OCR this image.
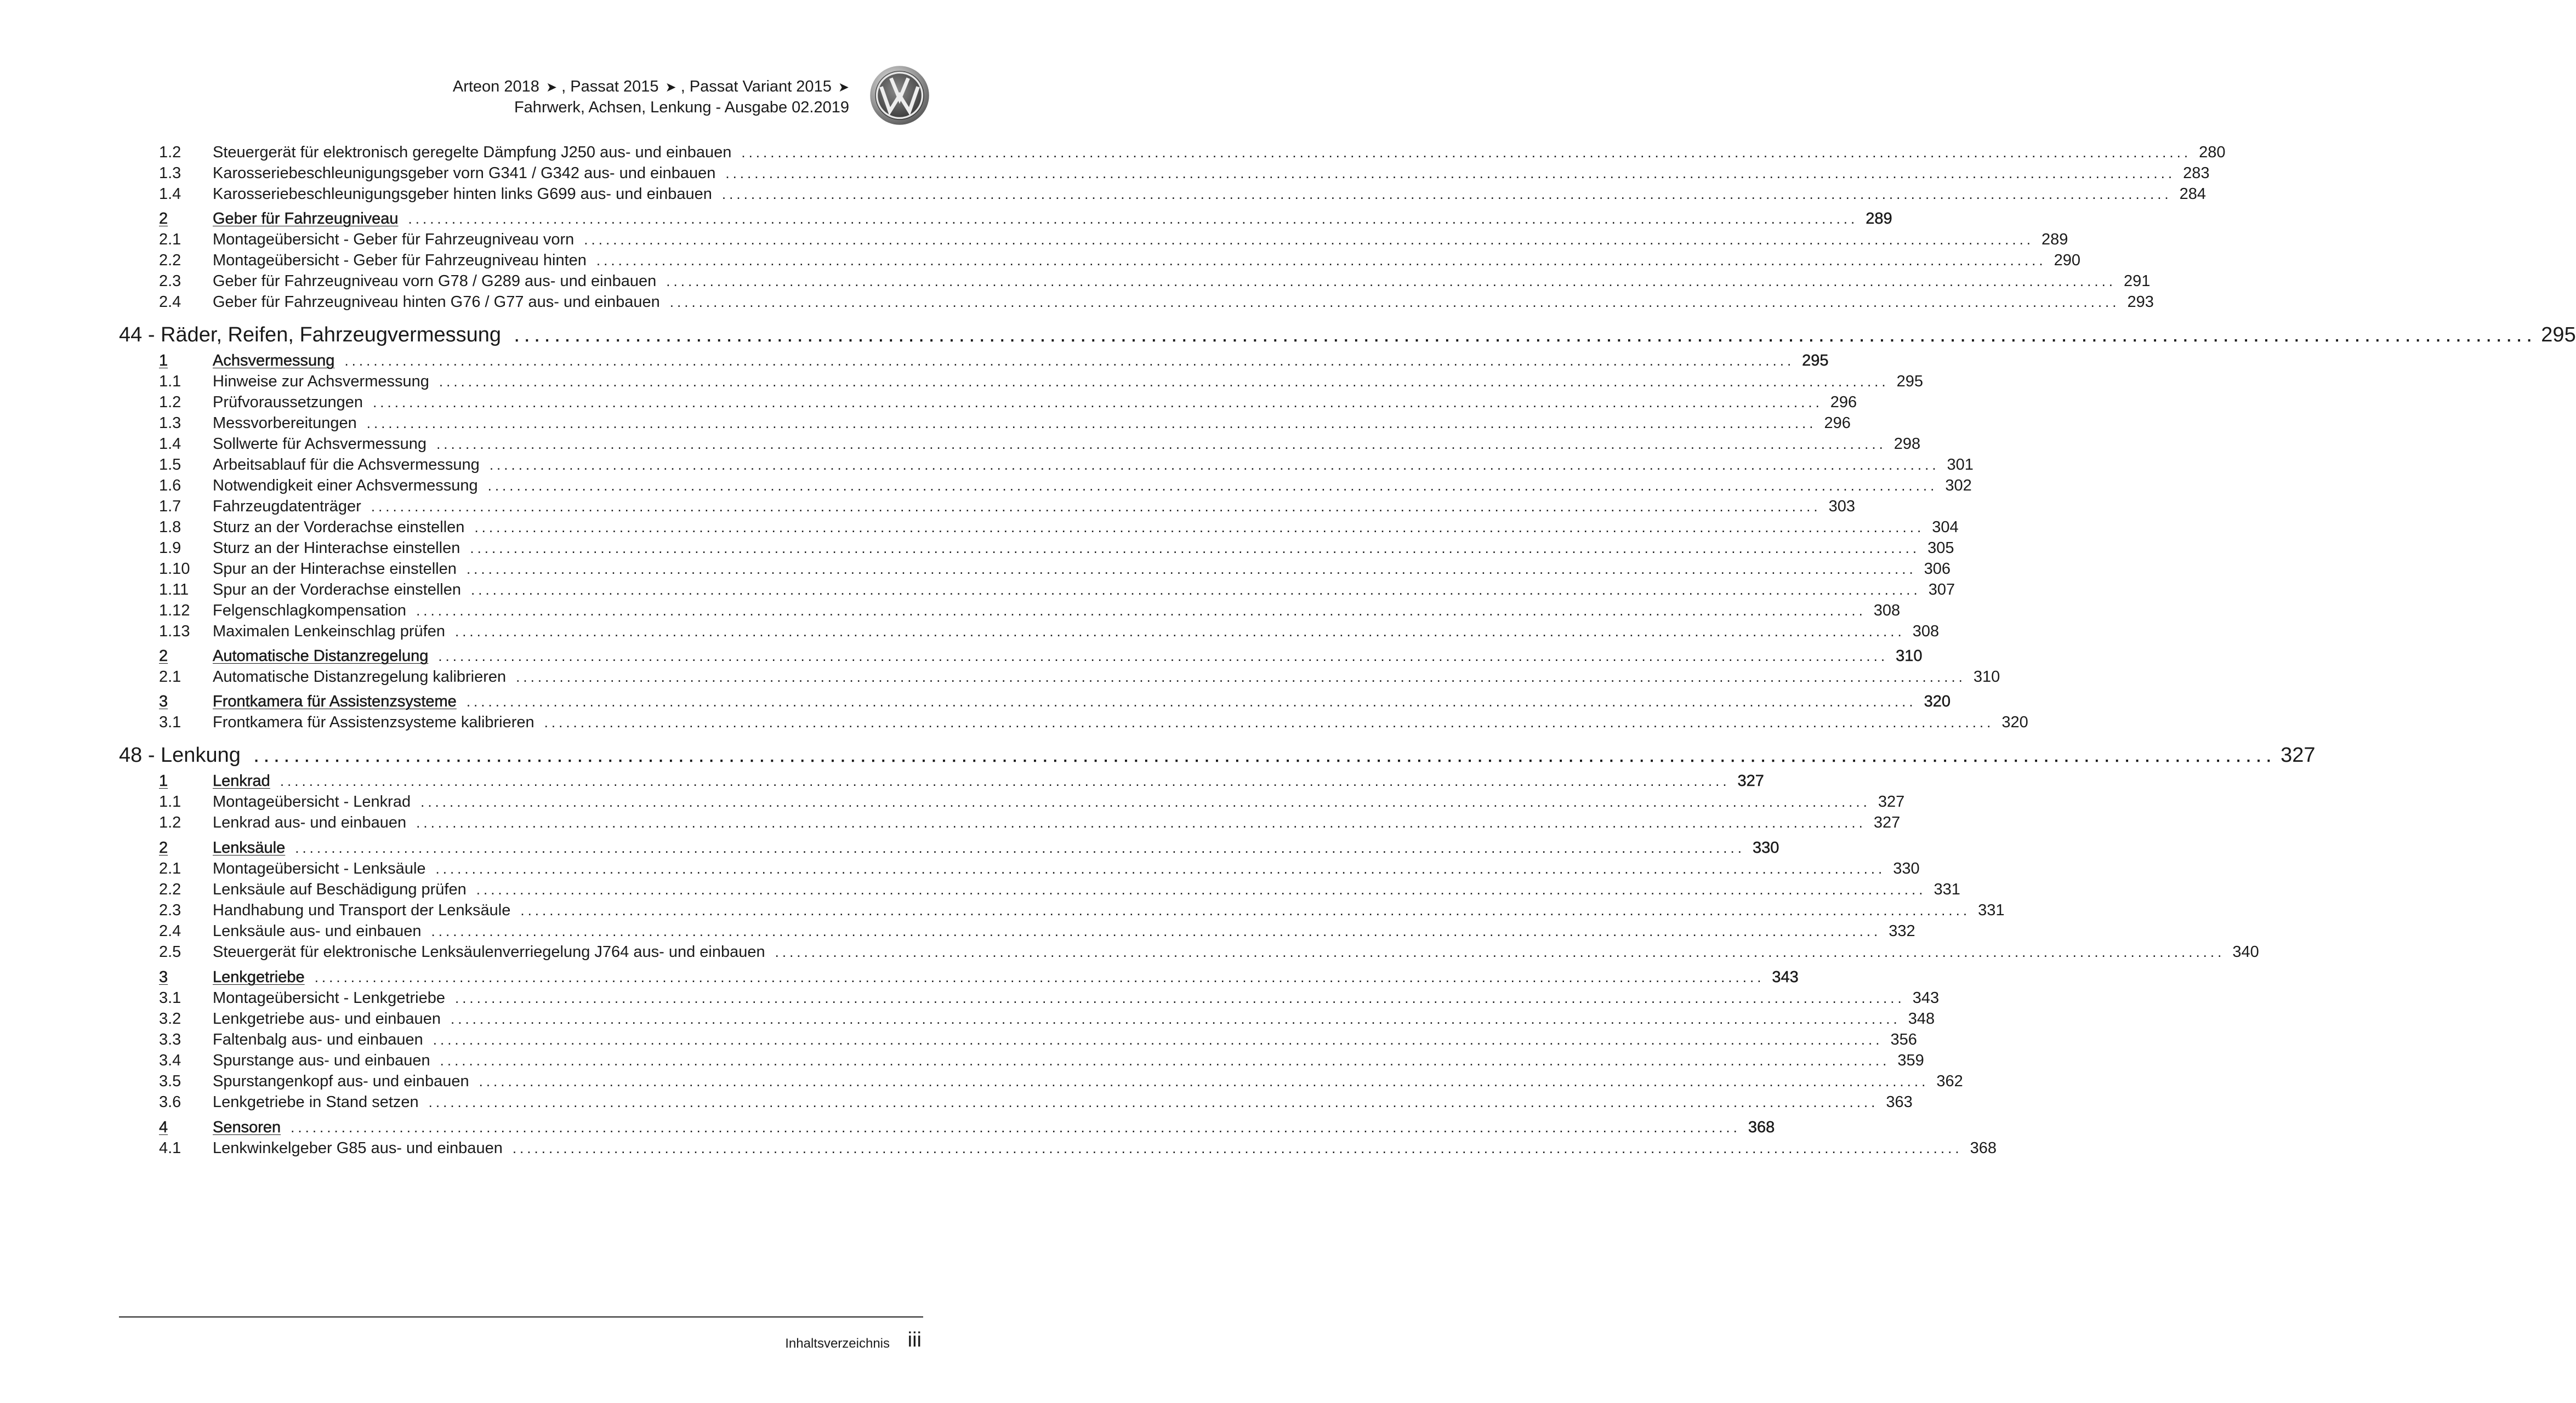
Arteon 2018 ➤ , Passat 2015 ➤ , Passat Variant 2015 ➤
Fahrwerk, Achsen, Lenkung - Ausgabe 02.2019
1.2 Steuergerät für elektronisch geregelte Dämpfung J250 aus- und einbauen ........................................................................................................................................................................................................ 280
1.3 Karosseriebeschleunigungsgeber vorn G341 / G342 aus- und einbauen ........................................................................................................................................................................................................ 283
1.4 Karosseriebeschleunigungsgeber hinten links G699 aus- und einbauen ........................................................................................................................................................................................................ 284
2	Geber für Fahrzeugniveau ........................................................................................................................................................................................................ 289
2.1 Montageübersicht - Geber für Fahrzeugniveau vorn ........................................................................................................................................................................................................ 289
2.2 Montageübersicht - Geber für Fahrzeugniveau hinten ........................................................................................................................................................................................................ 290
2.3 Geber für Fahrzeugniveau vorn G78 / G289 aus- und einbauen ........................................................................................................................................................................................................ 291
2.4 Geber für Fahrzeugniveau hinten G76 / G77 aus- und einbauen ........................................................................................................................................................................................................ 293
44 - Räder, Reifen, Fahrzeugvermessung ........................................................................................................................................................................................................ 295
1	Achsvermessung ........................................................................................................................................................................................................ 295
1.1 Hinweise zur Achsvermessung ........................................................................................................................................................................................................ 295
1.2 Prüfvoraussetzungen ........................................................................................................................................................................................................ 296
1.3 Messvorbereitungen ........................................................................................................................................................................................................ 296
1.4 Sollwerte für Achsvermessung ........................................................................................................................................................................................................ 298
1.5 Arbeitsablauf für die Achsvermessung ........................................................................................................................................................................................................ 301
1.6 Notwendigkeit einer Achsvermessung ........................................................................................................................................................................................................ 302
1.7 Fahrzeugdatenträger ........................................................................................................................................................................................................ 303
1.8 Sturz an der Vorderachse einstellen ........................................................................................................................................................................................................ 304
1.9 Sturz an der Hinterachse einstellen ........................................................................................................................................................................................................ 305
1.10 Spur an der Hinterachse einstellen ........................................................................................................................................................................................................ 306
1.11 Spur an der Vorderachse einstellen ........................................................................................................................................................................................................ 307
1.12 Felgenschlagkompensation ........................................................................................................................................................................................................ 308
1.13 Maximalen Lenkeinschlag prüfen ........................................................................................................................................................................................................ 308
2	Automatische Distanzregelung ........................................................................................................................................................................................................ 310
2.1 Automatische Distanzregelung kalibrieren ........................................................................................................................................................................................................ 310
3	Frontkamera für Assistenzsysteme ........................................................................................................................................................................................................ 320
3.1 Frontkamera für Assistenzsysteme kalibrieren ........................................................................................................................................................................................................ 320
48 - Lenkung ........................................................................................................................................................................................................ 327
1	Lenkrad ........................................................................................................................................................................................................ 327
1.1 Montageübersicht - Lenkrad ........................................................................................................................................................................................................ 327
1.2 Lenkrad aus- und einbauen ........................................................................................................................................................................................................ 327
2	Lenksäule ........................................................................................................................................................................................................ 330
2.1 Montageübersicht - Lenksäule ........................................................................................................................................................................................................ 330
2.2 Lenksäule auf Beschädigung prüfen ........................................................................................................................................................................................................ 331
2.3 Handhabung und Transport der Lenksäule ........................................................................................................................................................................................................ 331
2.4 Lenksäule aus- und einbauen ........................................................................................................................................................................................................ 332
2.5 Steuergerät für elektronische Lenksäulenverriegelung J764 aus- und einbauen ........................................................................................................................................................................................................ 340
3	Lenkgetriebe ........................................................................................................................................................................................................ 343
3.1 Montageübersicht - Lenkgetriebe ........................................................................................................................................................................................................ 343
3.2 Lenkgetriebe aus- und einbauen ........................................................................................................................................................................................................ 348
3.3 Faltenbalg aus- und einbauen ........................................................................................................................................................................................................ 356
3.4 Spurstange aus- und einbauen ........................................................................................................................................................................................................ 359
3.5 Spurstangenkopf aus- und einbauen ........................................................................................................................................................................................................ 362
3.6 Lenkgetriebe in Stand setzen ........................................................................................................................................................................................................ 363
4	Sensoren ........................................................................................................................................................................................................ 368
4.1 Lenkwinkelgeber G85 aus- und einbauen ........................................................................................................................................................................................................ 368
Inhaltsverzeichnis iii
